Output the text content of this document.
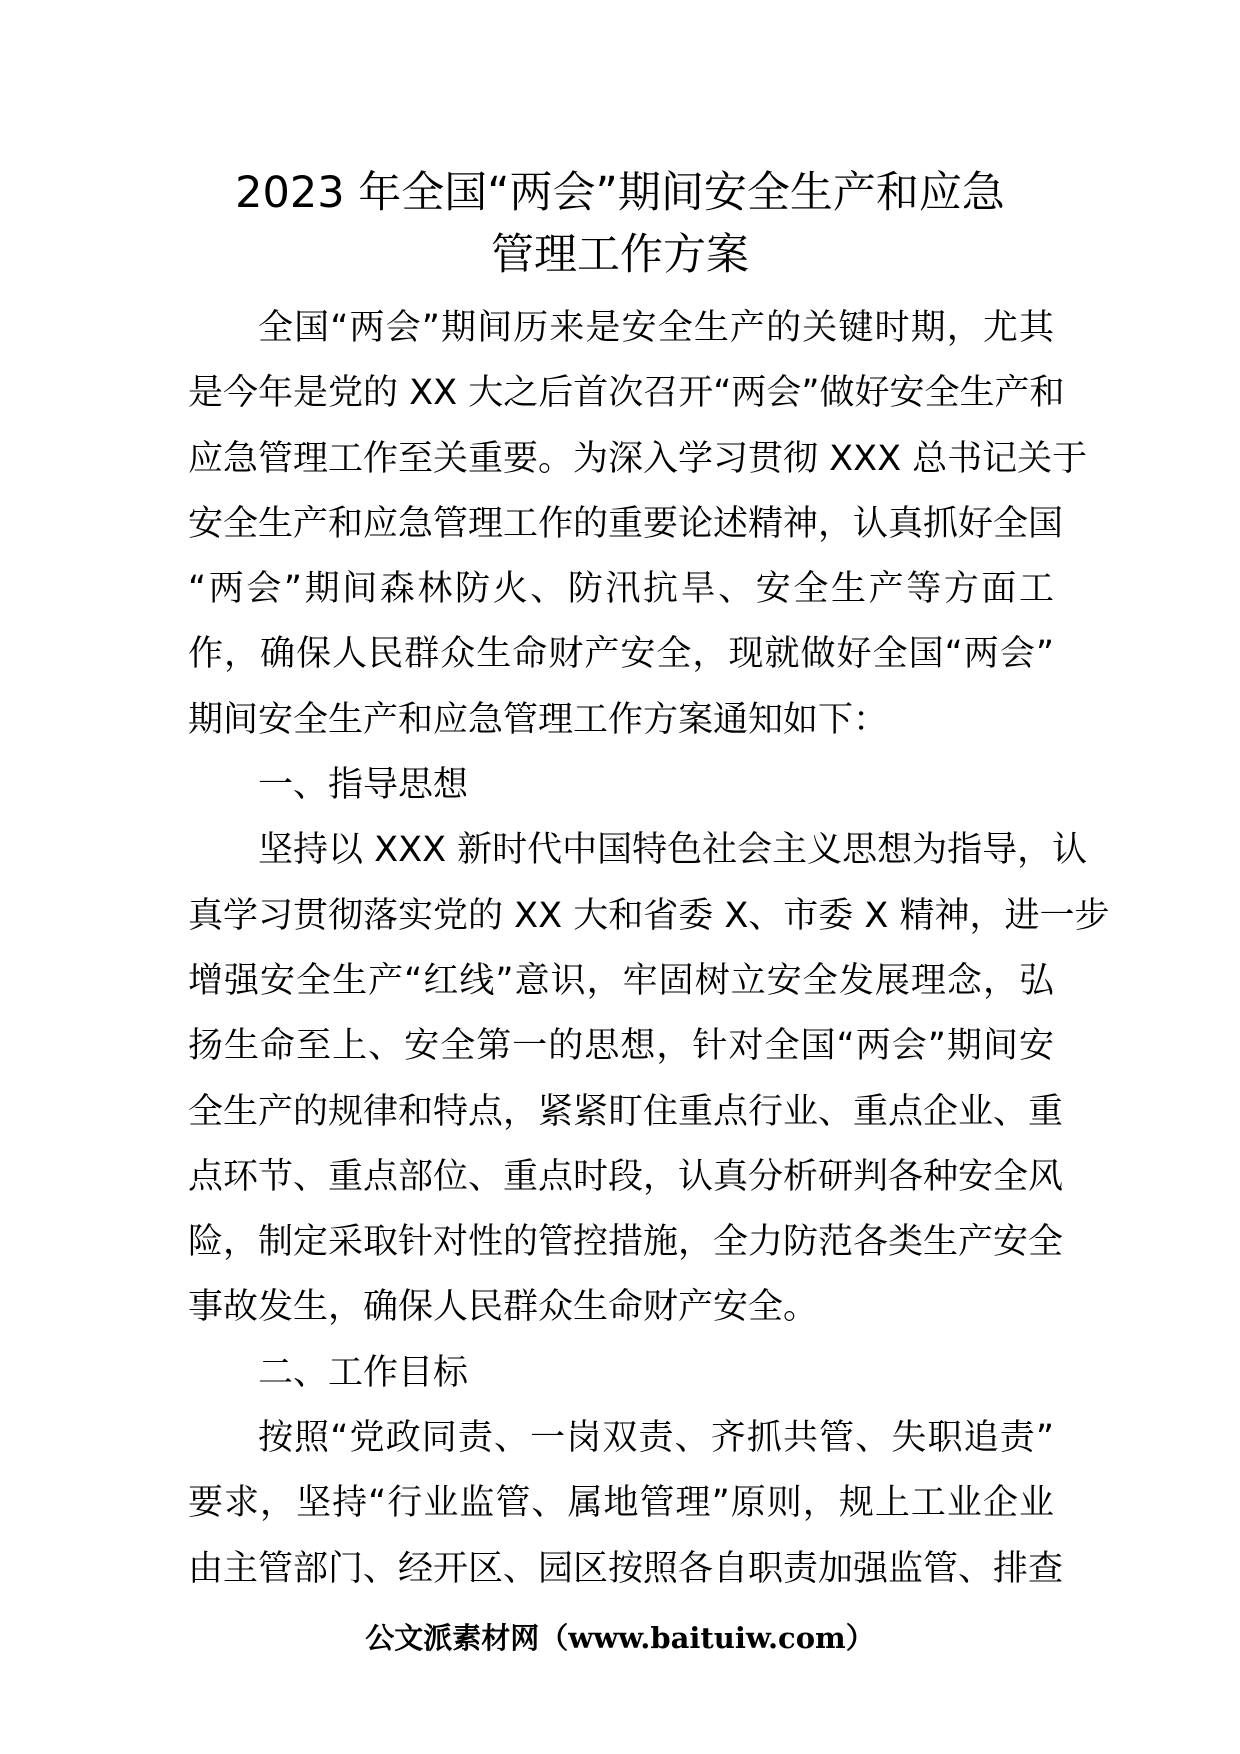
2023 年全国“两会”期间安全生产和应急
管理工作方案
全国“两会”期间历来是安全生产的关键时期，尤其
是今年是党的 XX 大之后首次召开“两会”做好安全生产和
应急管理工作至关重要。为深入学习贯彻 XXX 总书记关于
安全生产和应急管理工作的重要论述精神，认真抓好全国
“两会”期间森林防火、防汛抗旱、安全生产等方面工
作，确保人民群众生命财产安全，现就做好全国“两会”
期间安全生产和应急管理工作方案通知如下：
一、指导思想
坚持以 XXX 新时代中国特色社会主义思想为指导，认
真学习贯彻落实党的 XX 大和省委 X、市委 X 精神，进一步
增强安全生产“红线”意识，牢固树立安全发展理念，弘
扬生命至上、安全第一的思想，针对全国“两会”期间安
全生产的规律和特点，紧紧盯住重点行业、重点企业、重
点环节、重点部位、重点时段，认真分析研判各种安全风
险，制定采取针对性的管控措施，全力防范各类生产安全
事故发生，确保人民群众生命财产安全。
二、工作目标
按照“党政同责、一岗双责、齐抓共管、失职追责”
要求，坚持“行业监管、属地管理”原则，规上工业企业
由主管部门、经开区、园区按照各自职责加强监管、排查
公文派素材网（www.baituiw.com）
